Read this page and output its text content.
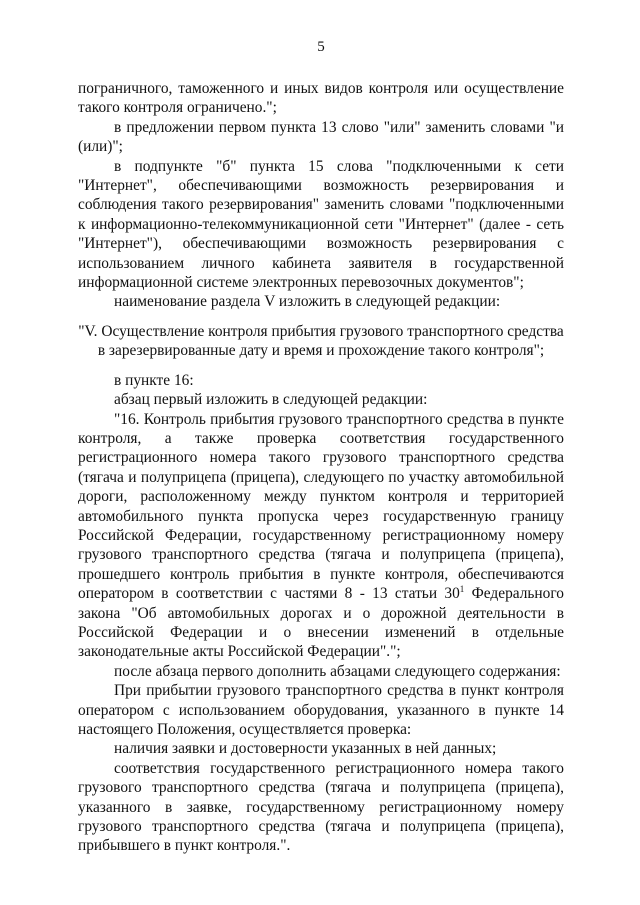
5

пограничного, таможенного и иных видов контроля или осуществление такого контроля ограничено.";

в предложении первом пункта 13 слово "или" заменить словами "и (или)";

в подпункте "б" пункта 15 слова "подключенными к сети "Интернет", обеспечивающими возможность резервирования и соблюдения такого резервирования" заменить словами "подключенными к информационно-телекоммуникационной сети "Интернет" (далее - сеть "Интернет"), обеспечивающими возможность резервирования с использованием личного кабинета заявителя в государственной информационной системе электронных перевозочных документов";

наименование раздела V изложить в следующей редакции:

"V. Осуществление контроля прибытия грузового транспортного средства
в зарезервированные дату и время и прохождение такого контроля";

в пункте 16:

абзац первый изложить в следующей редакции:

"16. Контроль прибытия грузового транспортного средства в пункте контроля, а также проверка соответствия государственного регистрационного номера такого грузового транспортного средства (тягача и полуприцепа (прицепа), следующего по участку автомобильной дороги, расположенному между пунктом контроля и территорией автомобильного пункта пропуска через государственную границу Российской Федерации, государственному регистрационному номеру грузового транспортного средства (тягача и полуприцепа (прицепа), прошедшего контроль прибытия в пункте контроля, обеспечиваются оператором в соответствии с частями 8 - 13 статьи $30^1$ Федерального закона "Об автомобильных дорогах и о дорожной деятельности в Российской Федерации и о внесении изменений в отдельные законодательные акты Российской Федерации".";

после абзаца первого дополнить абзацами следующего содержания:

При прибытии грузового транспортного средства в пункт контроля оператором с использованием оборудования, указанного в пункте 14 настоящего Положения, осуществляется проверка:

наличия заявки и достоверности указанных в ней данных;

соответствия государственного регистрационного номера такого грузового транспортного средства (тягача и полуприцепа (прицепа), указанного в заявке, государственному регистрационному номеру грузового транспортного средства (тягача и полуприцепа (прицепа), прибывшего в пункт контроля.".
